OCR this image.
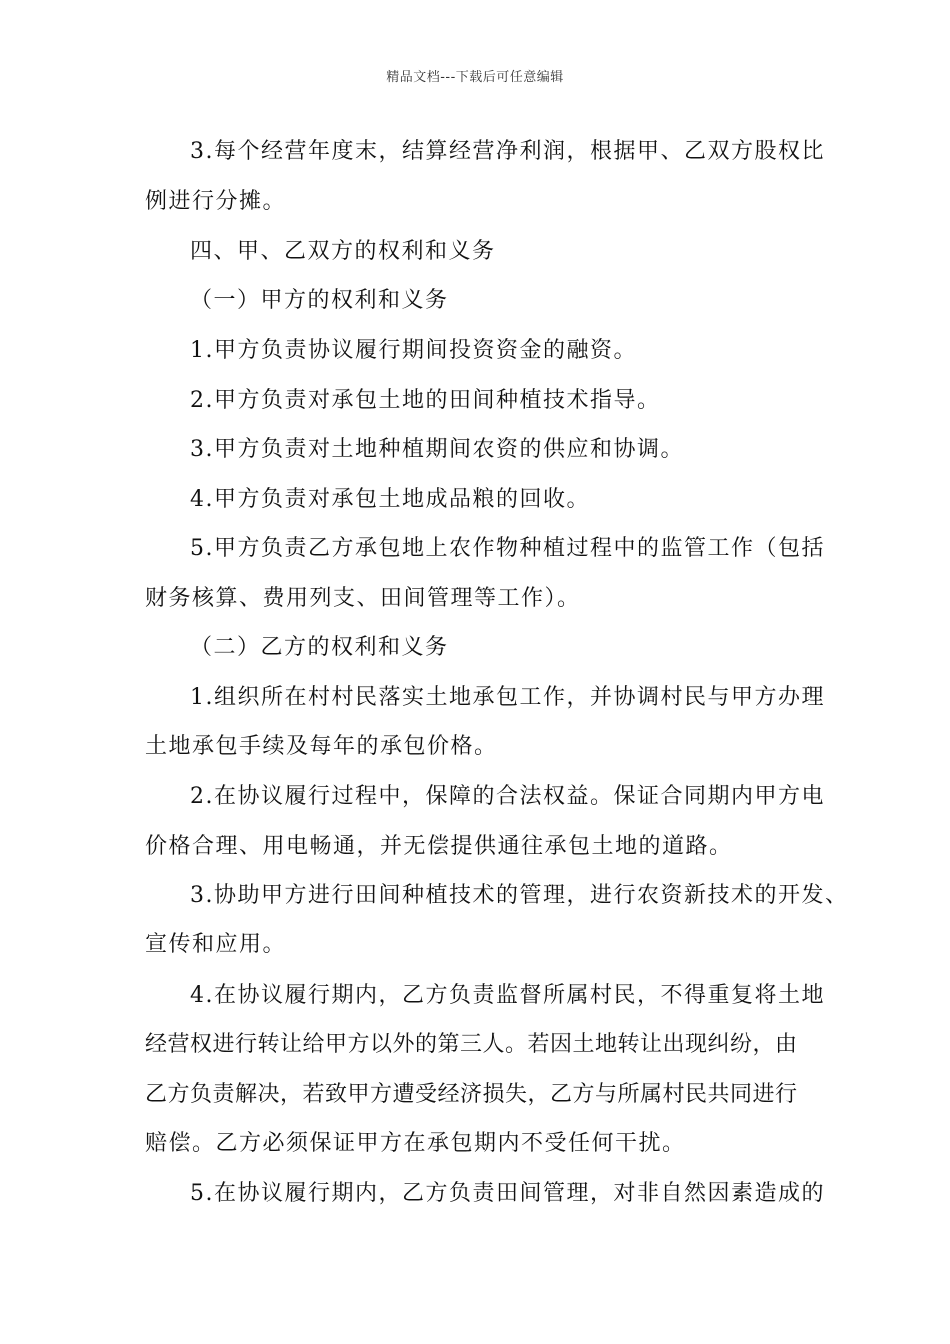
精品文档---下载后可任意编辑
3.每个经营年度末，结算经营净利润，根据甲、乙双方股权比
例进行分摊。
四、甲、乙双方的权利和义务
（一）甲方的权利和义务
1.甲方负责协议履行期间投资资金的融资。
2.甲方负责对承包土地的田间种植技术指导。
3.甲方负责对土地种植期间农资的供应和协调。
4.甲方负责对承包土地成品粮的回收。
5.甲方负责乙方承包地上农作物种植过程中的监管工作（包括
财务核算、费用列支、田间管理等工作）。
（二）乙方的权利和义务
1.组织所在村村民落实土地承包工作，并协调村民与甲方办理
土地承包手续及每年的承包价格。
2.在协议履行过程中，保障的合法权益。保证合同期内甲方电
价格合理、用电畅通，并无偿提供通往承包土地的道路。
3.协助甲方进行田间种植技术的管理，进行农资新技术的开发、
宣传和应用。
4.在协议履行期内，乙方负责监督所属村民，不得重复将土地
经营权进行转让给甲方以外的第三人。若因土地转让出现纠纷，由
乙方负责解决，若致甲方遭受经济损失，乙方与所属村民共同进行
赔偿。乙方必须保证甲方在承包期内不受任何干扰。
5.在协议履行期内，乙方负责田间管理，对非自然因素造成的
